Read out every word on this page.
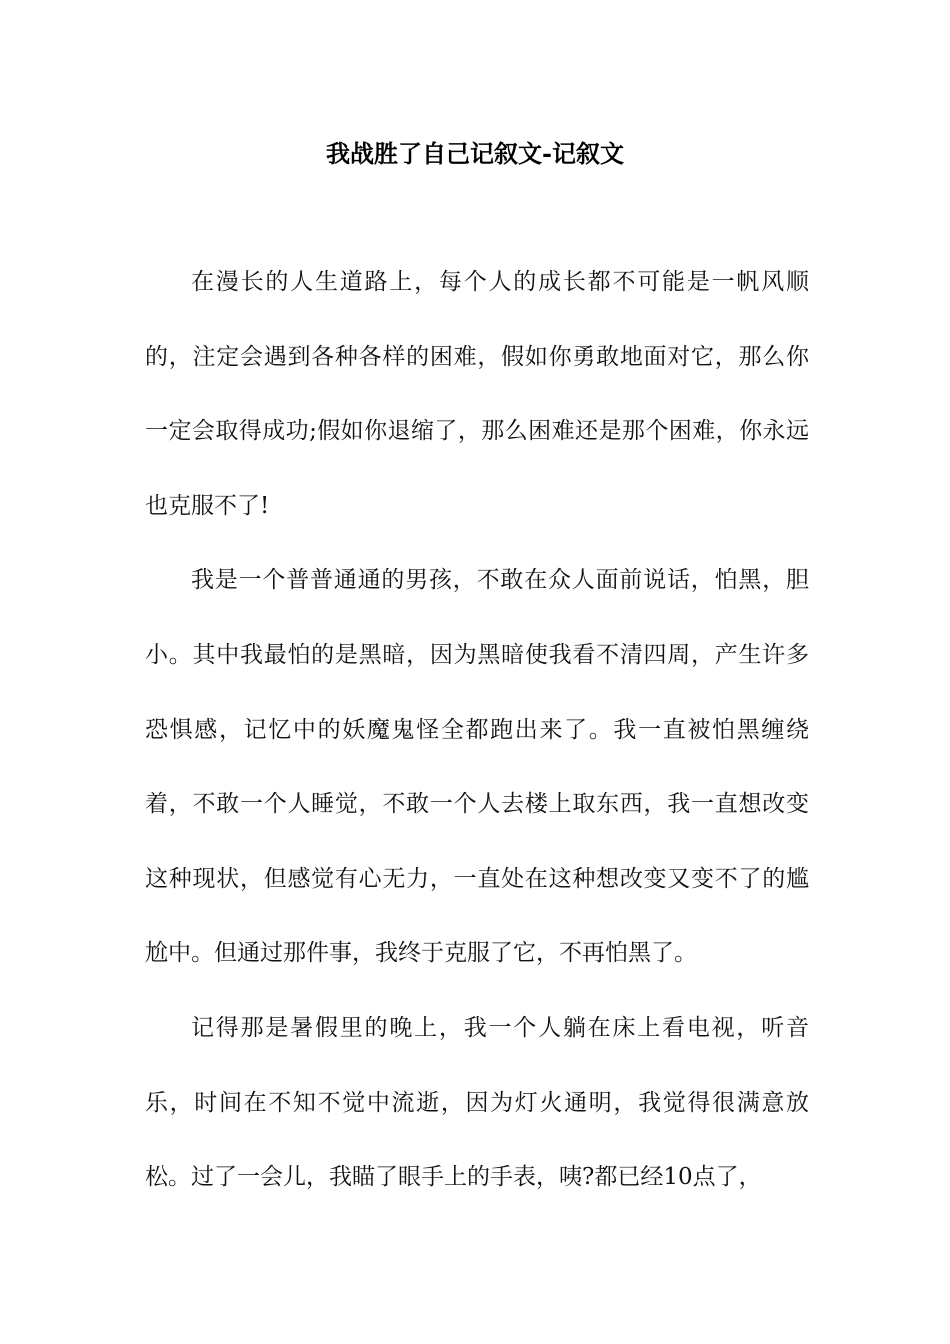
我战胜了自己记叙文-记叙文

在漫长的人生道路上，每个人的成长都不可能是一帆风顺的，注定会遇到各种各样的困难，假如你勇敢地面对它，那么你一定会取得成功;假如你退缩了，那么困难还是那个困难，你永远也克服不了!

我是一个普普通通的男孩，不敢在众人面前说话，怕黑，胆小。其中我最怕的是黑暗，因为黑暗使我看不清四周，产生许多恐惧感，记忆中的妖魔鬼怪全都跑出来了。我一直被怕黑缠绕着，不敢一个人睡觉，不敢一个人去楼上取东西，我一直想改变这种现状，但感觉有心无力，一直处在这种想改变又变不了的尴尬中。但通过那件事，我终于克服了它，不再怕黑了。

记得那是暑假里的晚上，我一个人躺在床上看电视，听音乐，时间在不知不觉中流逝，因为灯火通明，我觉得很满意放松。过了一会儿，我瞄了眼手上的手表，咦?都已经10点了，
